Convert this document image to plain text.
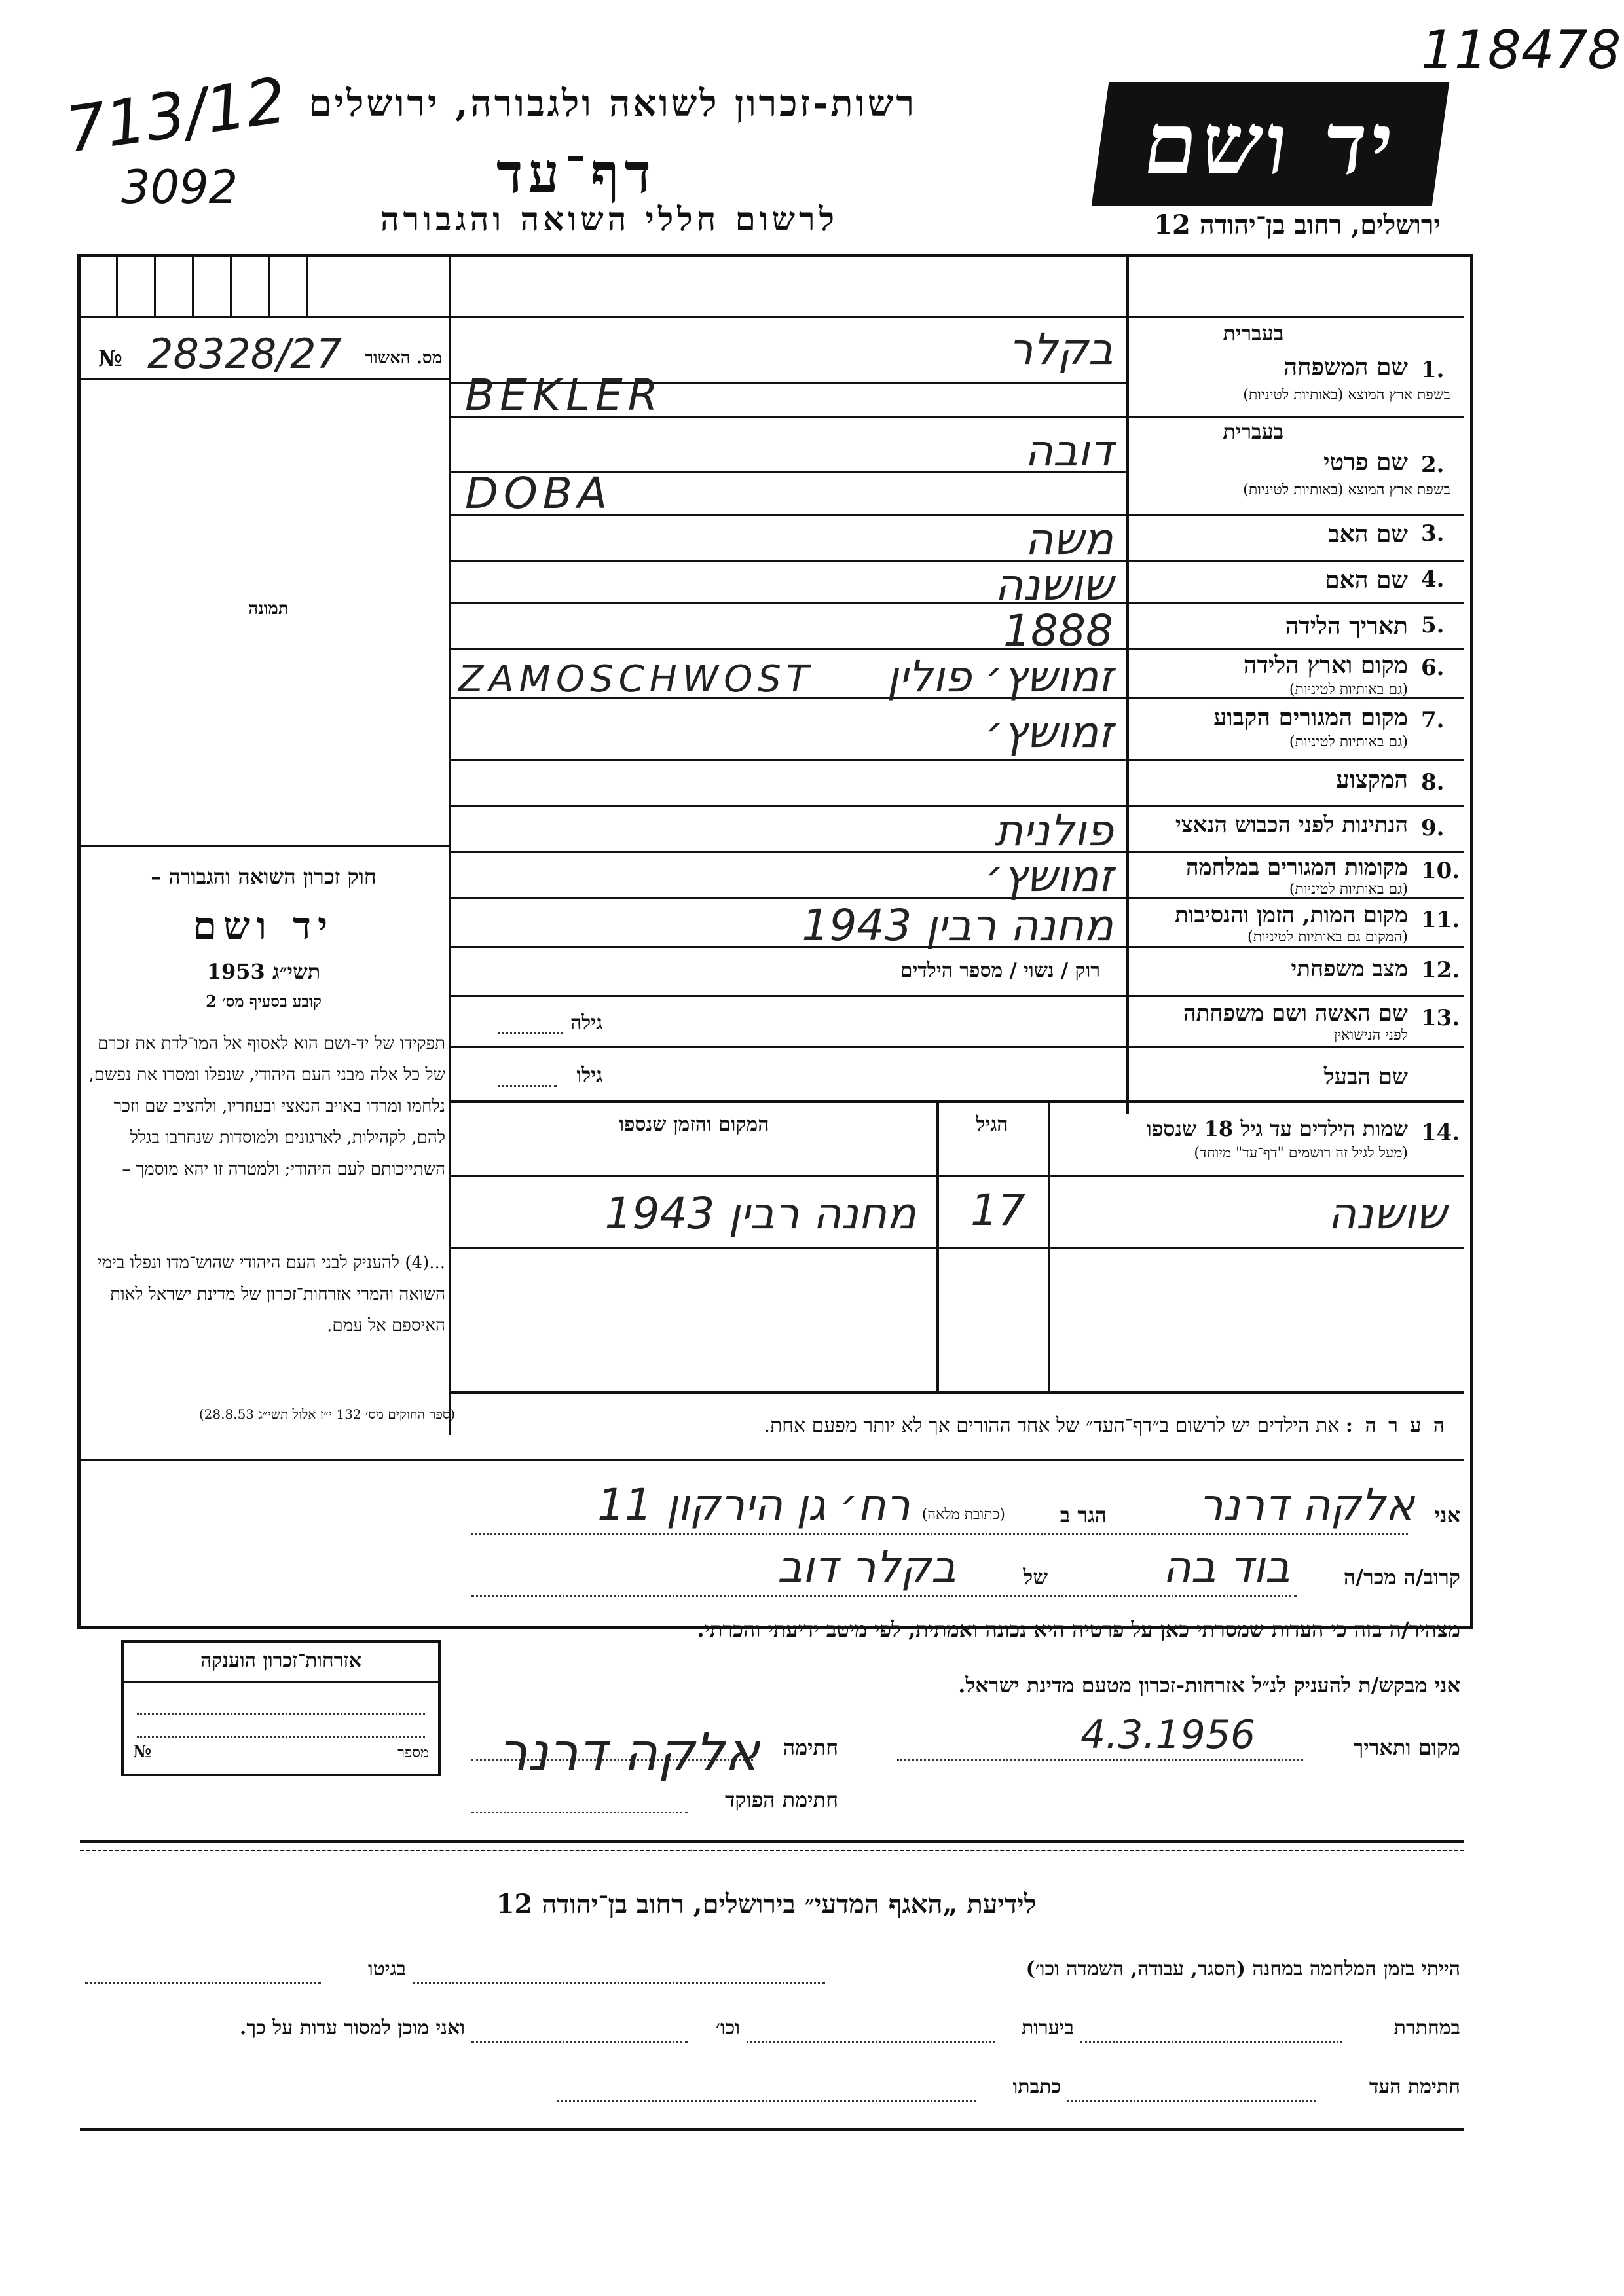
118478
713/12
3092
רשות-זכרון לשואה ולגבורה, ירושלים
דף־עד
לרשום חללי השואה והגבורה
יד ושם
ירושלים, רחוב בן־יהודה 12
№ 28328/27 מס. האשור
תמונה
חוק זכרון השואה והגבורה –
יד ושם
תשי״ג 1953
קובע בסעיף מס׳ 2
תפקידו של יד-ושם הוא לאסוף אל המו־לדת את זכרם של כל אלה מבני העם היהודי, שנפלו ומסרו את נפשם, נלחמו ומרדו באויב הנאצי ובעוזריו, ולהציב שם וזכר להם, לקהילות, לארגונים ולמוסדות שנחרבו בגלל השתייכותם לעם היהודי; ולמטרה זו יהא מוסמך –
...(4) להעניק לבני העם היהודי שהוש־מדו ונפלו בימי השואה והמרי אזרחות־זכרון של מדינת ישראל לאות האיספם אל עמם.
(ספר החוקים מס׳ 132 י״ז אלול תשי״ג 28.8.53)
בעברית
1.
שם המשפחה
בשפת ארץ המוצא (באותיות לטיניות)
בקלר
BEKLER
בעברית
2.
שם פרטי
בשפת ארץ המוצא (באותיות לטיניות)
דובה
DOBA
3.
שם האב
משה
4.
שם האם
שושנה
5.
תאריך הלידה
1888
6.
מקום וארץ הלידה
(גם באותיות לטיניות)
זמושץ׳ פולין
ZAMOSCHWOST
7.
מקום המגורים הקבוע
(גם באותיות לטיניות)
זמושץ׳
8.
המקצוע
9.
הנתינות לפני הכבוש הנאצי
פולנית
10.
מקומות המגורים במלחמה
(גם באותיות לטיניות)
זמושץ׳
11.
מקום המות, הזמן והנסיבות
(המקום גם באותיות לטיניות)
מחנה רבין 1943
12.
מצב משפחתי
רוק / נשוי / מספר הילדים
13.
שם האשה ושם משפחתה
לפני הנישואין
גילה
שם הבעל
גילו
14.
שמות הילדים עד גיל 18 שנספו
(מעל לגיל זה רושמים "דף־עד" מיוחד)
הגיל
המקום והזמן שנספו
שושנה
17
מחנה רבין 1943
ה ע ר ה : את הילדים יש לרשום ב״דף־העד״ של אחד ההורים אך לא יותר מפעם אחת.
אני
אלקה דרנר
הגר ב
(כתובת מלאה)
רח׳ גן הירקון 11
קרוב/ה מכר/ה
בוד בה
של
בקלר דוב
מצהיר/ה בזה כי העדות שמסרתי כאן על פרטיה היא נכונה ואמתית, לפי מיטב ידיעתי והכרתי.
אני מבקש/ת להעניק לנ״ל אזרחות-זכרון מטעם מדינת ישראל.
מקום ותאריך
4.3.1956
חתימה
אלקה דרנר
חתימת הפוקד
אזרחות־זכרון הוענקה
№	מספר
לידיעת „האגף המדעי״ בירושלים, רחוב בן־יהודה 12
הייתי בזמן המלחמה במחנה (הסגר, עבודה, השמדה וכו׳)
בגיטו
במחתרת
ביערות
וכו׳
ואני מוכן למסור עדות על כך.
חתימת העד
כתבתו
